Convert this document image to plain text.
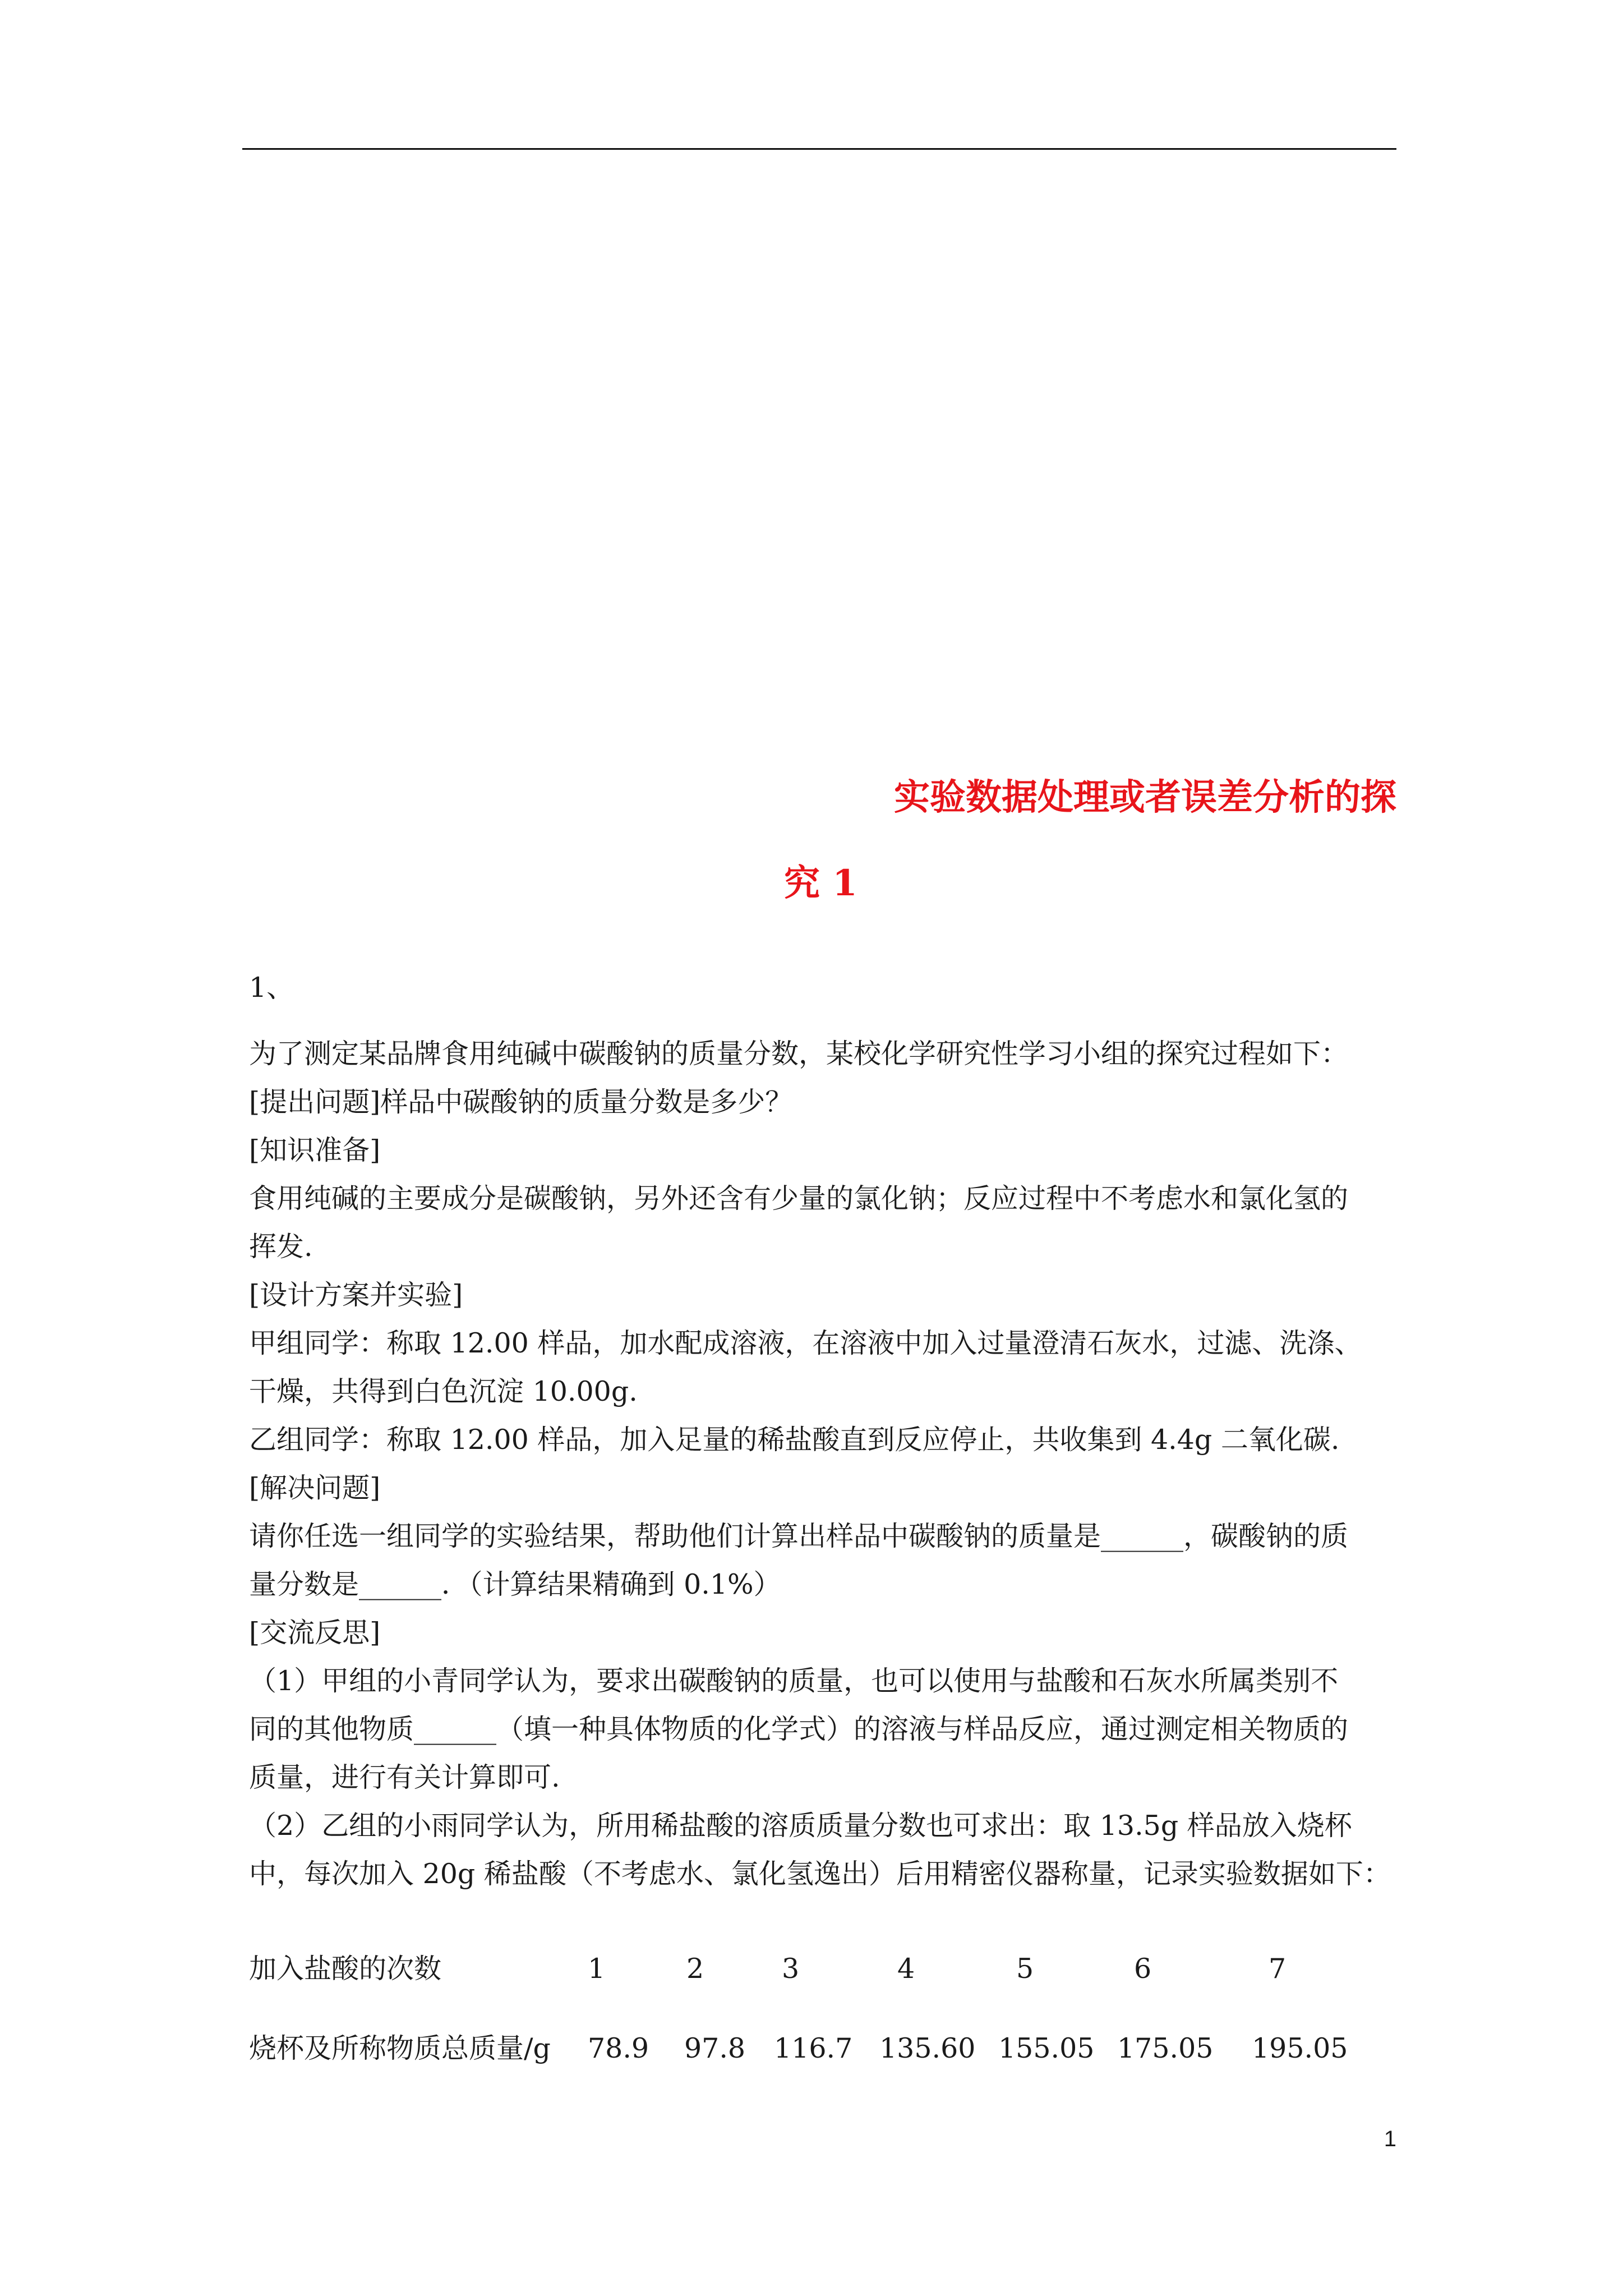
实验数据处理或者误差分析的探
究 1
1、
为了测定某品牌食用纯碱中碳酸钠的质量分数，某校化学研究性学习小组的探究过程如下：
[提出问题]样品中碳酸钠的质量分数是多少？
[知识准备]
食用纯碱的主要成分是碳酸钠，另外还含有少量的氯化钠；反应过程中不考虑水和氯化氢的
挥发.
[设计方案并实验]
甲组同学：称取 12.00 样品，加水配成溶液，在溶液中加入过量澄清石灰水，过滤、洗涤、
干燥，共得到白色沉淀 10.00g.
乙组同学：称取 12.00 样品，加入足量的稀盐酸直到反应停止，共收集到 4.4g 二氧化碳.
[解决问题]
请你任选一组同学的实验结果，帮助他们计算出样品中碳酸钠的质量是______，碳酸钠的质
量分数是______．（计算结果精确到 0.1%）
[交流反思]
（1）甲组的小青同学认为，要求出碳酸钠的质量，也可以使用与盐酸和石灰水所属类别不
同的其他物质______（填一种具体物质的化学式）的溶液与样品反应，通过测定相关物质的
质量，进行有关计算即可.
（2）乙组的小雨同学认为，所用稀盐酸的溶质质量分数也可求出：取 13.5g 样品放入烧杯
中，每次加入 20g 稀盐酸（不考虑水、氯化氢逸出）后用精密仪器称量，记录实验数据如下：
加入盐酸的次数	1	2	3	4	5	6	7
烧杯及所称物质总质量/g 78.9 97.8 116.7 135.60 155.05 175.05 195.05
1
